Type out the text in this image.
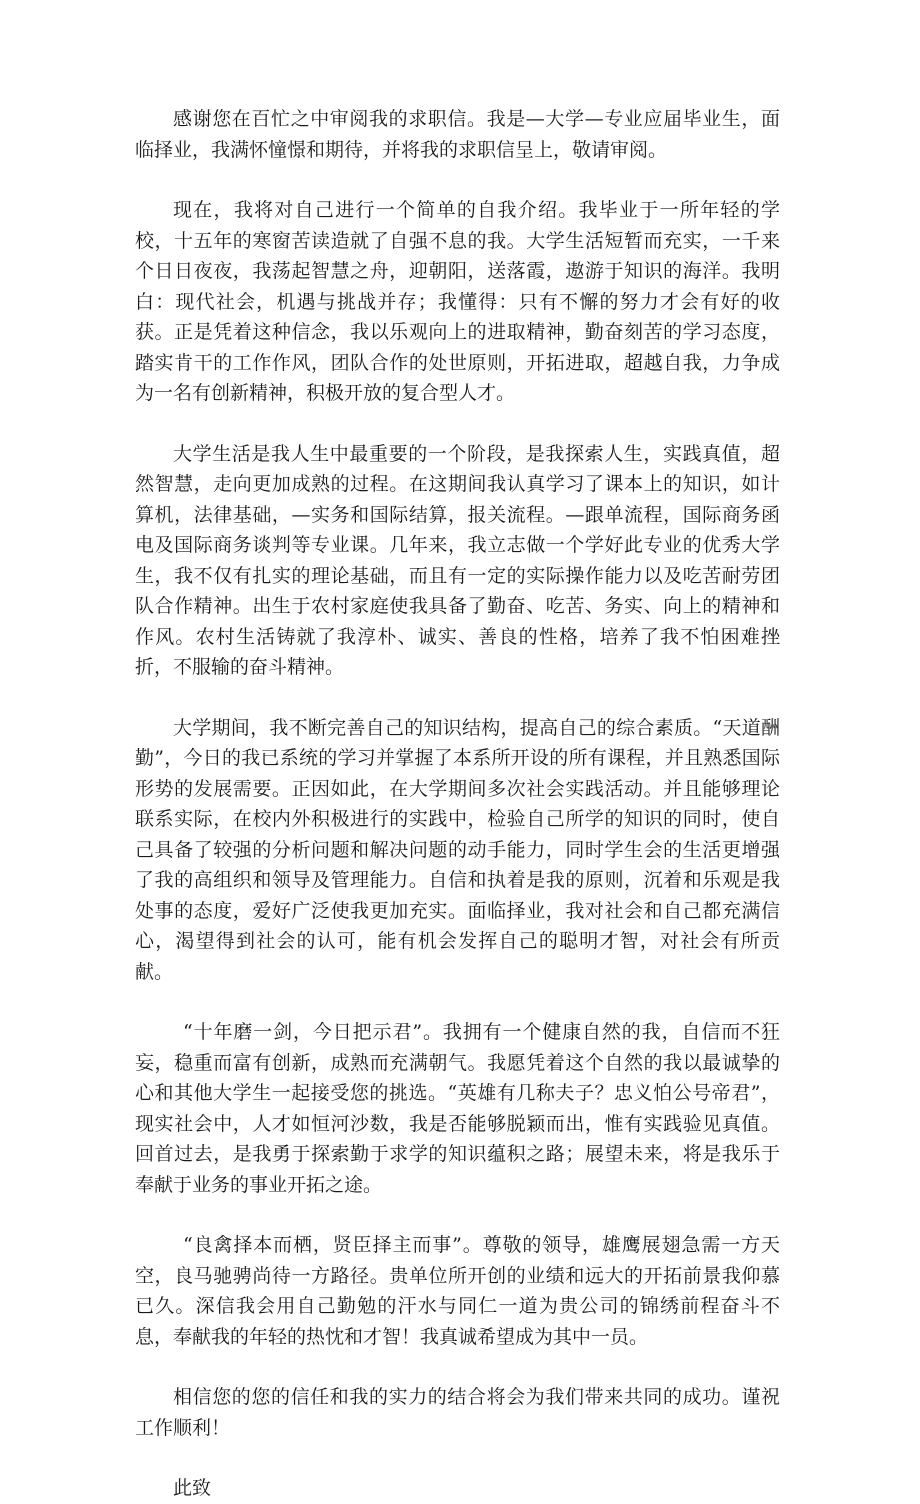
感谢您在百忙之中审阅我的求职信。我是—大学—专业应届毕业生，面临择业，我满怀憧憬和期待，并将我的求职信呈上，敬请审阅。

现在，我将对自己进行一个简单的自我介绍。我毕业于一所年轻的学校，十五年的寒窗苦读造就了自强不息的我。大学生活短暂而充实，一千来个日日夜夜，我荡起智慧之舟，迎朝阳，送落霞，遨游于知识的海洋。我明白：现代社会，机遇与挑战并存；我懂得：只有不懈的努力才会有好的收获。正是凭着这种信念，我以乐观向上的进取精神，勤奋刻苦的学习态度，踏实肯干的工作作风，团队合作的处世原则，开拓进取，超越自我，力争成为一名有创新精神，积极开放的复合型人才。

大学生活是我人生中最重要的一个阶段，是我探索人生，实践真值，超然智慧，走向更加成熟的过程。在这期间我认真学习了课本上的知识，如计算机，法律基础，—实务和国际结算，报关流程。—跟单流程，国际商务函电及国际商务谈判等专业课。几年来，我立志做一个学好此专业的优秀大学生，我不仅有扎实的理论基础，而且有一定的实际操作能力以及吃苦耐劳团队合作精神。出生于农村家庭使我具备了勤奋、吃苦、务实、向上的精神和作风。农村生活铸就了我淳朴、诚实、善良的性格，培养了我不怕困难挫折，不服输的奋斗精神。

大学期间，我不断完善自己的知识结构，提高自己的综合素质。“天道酬勤”，今日的我已系统的学习并掌握了本系所开设的所有课程，并且熟悉国际形势的发展需要。正因如此，在大学期间多次社会实践活动。并且能够理论联系实际，在校内外积极进行的实践中，检验自己所学的知识的同时，使自己具备了较强的分析问题和解决问题的动手能力，同时学生会的生活更增强了我的高组织和领导及管理能力。自信和执着是我的原则，沉着和乐观是我处事的态度，爱好广泛使我更加充实。面临择业，我对社会和自己都充满信心，渴望得到社会的认可，能有机会发挥自己的聪明才智，对社会有所贡献。

“十年磨一剑，今日把示君”。我拥有一个健康自然的我，自信而不狂妄，稳重而富有创新，成熟而充满朝气。我愿凭着这个自然的我以最诚挚的心和其他大学生一起接受您的挑选。“英雄有几称夫子？忠义怕公号帝君”，现实社会中，人才如恒河沙数，我是否能够脱颖而出，惟有实践验见真值。回首过去，是我勇于探索勤于求学的知识蕴积之路；展望未来，将是我乐于奉献于业务的事业开拓之途。

“良禽择本而栖，贤臣择主而事”。尊敬的领导，雄鹰展翅急需一方天空，良马驰骋尚待一方路径。贵单位所开创的业绩和远大的开拓前景我仰慕已久。深信我会用自己勤勉的汗水与同仁一道为贵公司的锦绣前程奋斗不息，奉献我的年轻的热忱和才智！我真诚希望成为其中一员。

相信您的您的信任和我的实力的结合将会为我们带来共同的成功。谨祝工作顺利！

此致
